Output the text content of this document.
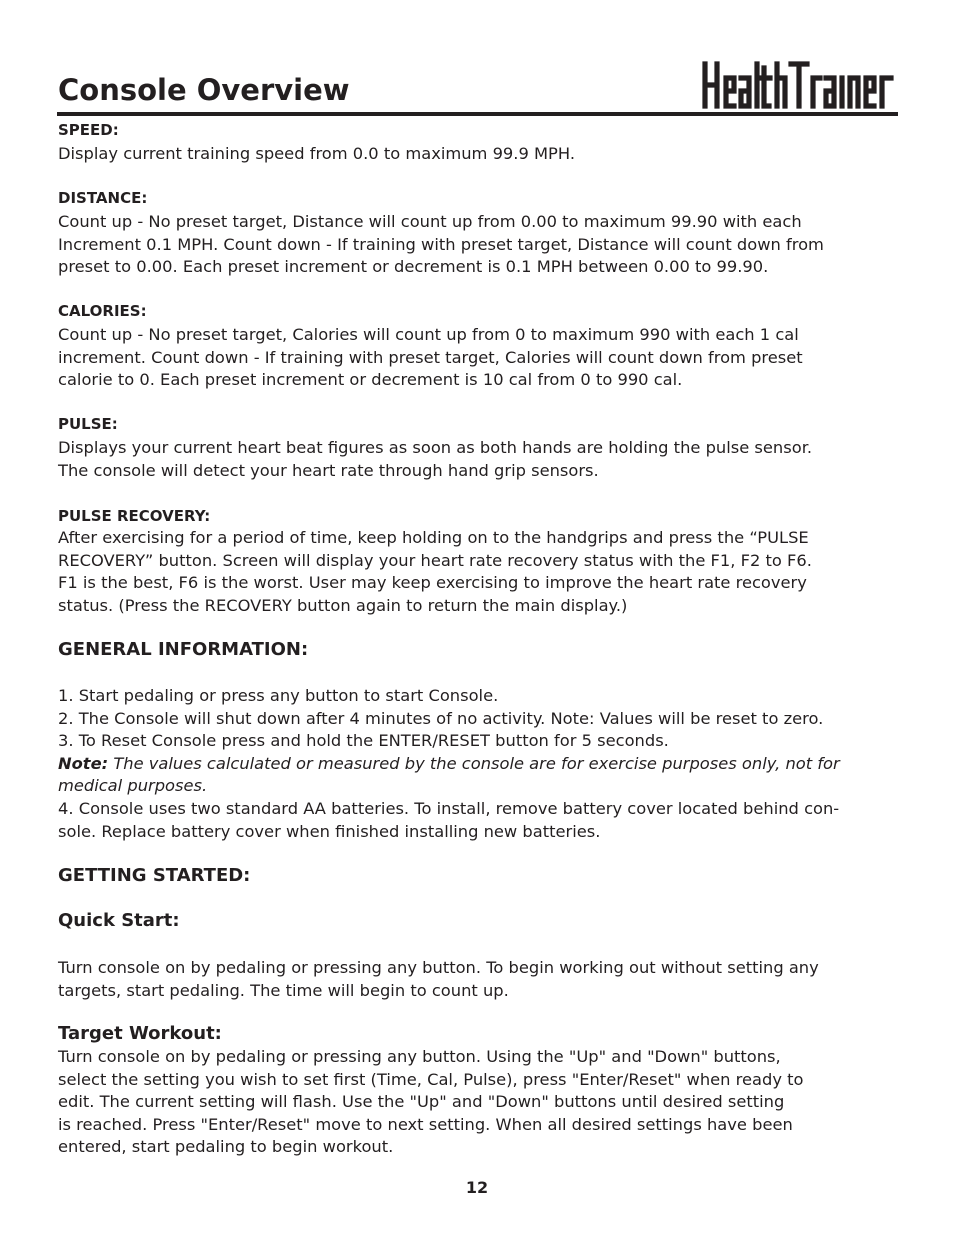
Console Overview
SPEED:
Display current training speed from 0.0 to maximum 99.9 MPH.
DISTANCE:
Count up - No preset target, Distance will count up from 0.00 to maximum 99.90 with each
Increment 0.1 MPH. Count down - If training with preset target, Distance will count down from
preset to 0.00. Each preset increment or decrement is 0.1 MPH between 0.00 to 99.90.
CALORIES:
Count up - No preset target, Calories will count up from 0 to maximum 990 with each 1 cal
increment. Count down - If training with preset target, Calories will count down from preset
calorie to 0. Each preset increment or decrement is 10 cal from 0 to 990 cal.
PULSE:
Displays your current heart beat figures as soon as both hands are holding the pulse sensor.
The console will detect your heart rate through hand grip sensors.
PULSE RECOVERY:
After exercising for a period of time, keep holding on to the handgrips and press the “PULSE
RECOVERY” button. Screen will display your heart rate recovery status with the F1, F2 to F6.
F1 is the best, F6 is the worst. User may keep exercising to improve the heart rate recovery
status. (Press the RECOVERY button again to return the main display.)
GENERAL INFORMATION:
1. Start pedaling or press any button to start Console.
2. The Console will shut down after 4 minutes of no activity. Note: Values will be reset to zero.
3. To Reset Console press and hold the ENTER/RESET button for 5 seconds.
Note: The values calculated or measured by the console are for exercise purposes only, not for
medical purposes.
4. Console uses two standard AA batteries. To install, remove battery cover located behind con-
sole. Replace battery cover when finished installing new batteries.
GETTING STARTED:
Quick Start:
Turn console on by pedaling or pressing any button. To begin working out without setting any
targets, start pedaling. The time will begin to count up.
Target Workout:
Turn console on by pedaling or pressing any button. Using the "Up" and "Down" buttons,
select the setting you wish to set first (Time, Cal, Pulse), press "Enter/Reset" when ready to
edit. The current setting will flash. Use the "Up" and "Down" buttons until desired setting
is reached. Press "Enter/Reset" move to next setting. When all desired settings have been
entered, start pedaling to begin workout.
12
